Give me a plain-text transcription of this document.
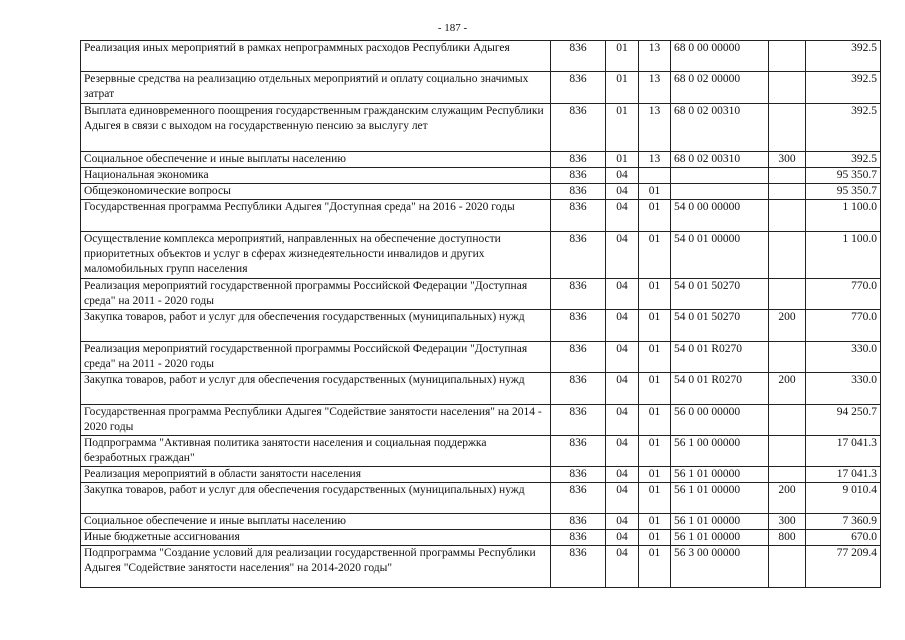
- 187 -
Реализация иных мероприятий в рамках непрограммных расходов Республики Адыгея	836	01	13	68 0 00 00000		392.5
Резервные средства на реализацию отдельных мероприятий и оплату социально значимых затрат	836	01	13	68 0 02 00000		392.5
Выплата единовременного поощрения государственным гражданским служащим Республики Адыгея в связи с выходом на государственную пенсию за выслугу лет	836	01	13	68 0 02 00310		392.5
Социальное обеспечение и иные выплаты населению	836	01	13	68 0 02 00310	300	392.5
Национальная экономика	836	04				95 350.7
Общеэкономические вопросы	836	04	01			95 350.7
Государственная программа Республики Адыгея "Доступная среда" на 2016 - 2020 годы	836	04	01	54 0 00 00000		1 100.0
Осуществление комплекса мероприятий, направленных на обеспечение доступности приоритетных объектов и услуг в сферах жизнедеятельности инвалидов и других маломобильных групп населения	836	04	01	54 0 01 00000		1 100.0
Реализация мероприятий государственной программы Российской Федерации "Доступная среда" на 2011 - 2020 годы	836	04	01	54 0 01 50270		770.0
Закупка товаров, работ и услуг для обеспечения государственных (муниципальных) нужд	836	04	01	54 0 01 50270	200	770.0
Реализация мероприятий государственной программы Российской Федерации "Доступная среда" на 2011 - 2020 годы	836	04	01	54 0 01 R0270		330.0
Закупка товаров, работ и услуг для обеспечения государственных (муниципальных) нужд	836	04	01	54 0 01 R0270	200	330.0
Государственная программа Республики Адыгея "Содействие занятости населения" на 2014 - 2020 годы	836	04	01	56 0 00 00000		94 250.7
Подпрограмма "Активная политика занятости населения и социальная поддержка безработных граждан"	836	04	01	56 1 00 00000		17 041.3
Реализация мероприятий в области занятости населения	836	04	01	56 1 01 00000		17 041.3
Закупка товаров, работ и услуг для обеспечения государственных (муниципальных) нужд	836	04	01	56 1 01 00000	200	9 010.4
Социальное обеспечение и иные выплаты населению	836	04	01	56 1 01 00000	300	7 360.9
Иные бюджетные ассигнования	836	04	01	56 1 01 00000	800	670.0
Подпрограмма "Создание условий для реализации государственной программы Республики Адыгея "Содействие занятости населения" на 2014-2020 годы"	836	04	01	56 3 00 00000		77 209.4
